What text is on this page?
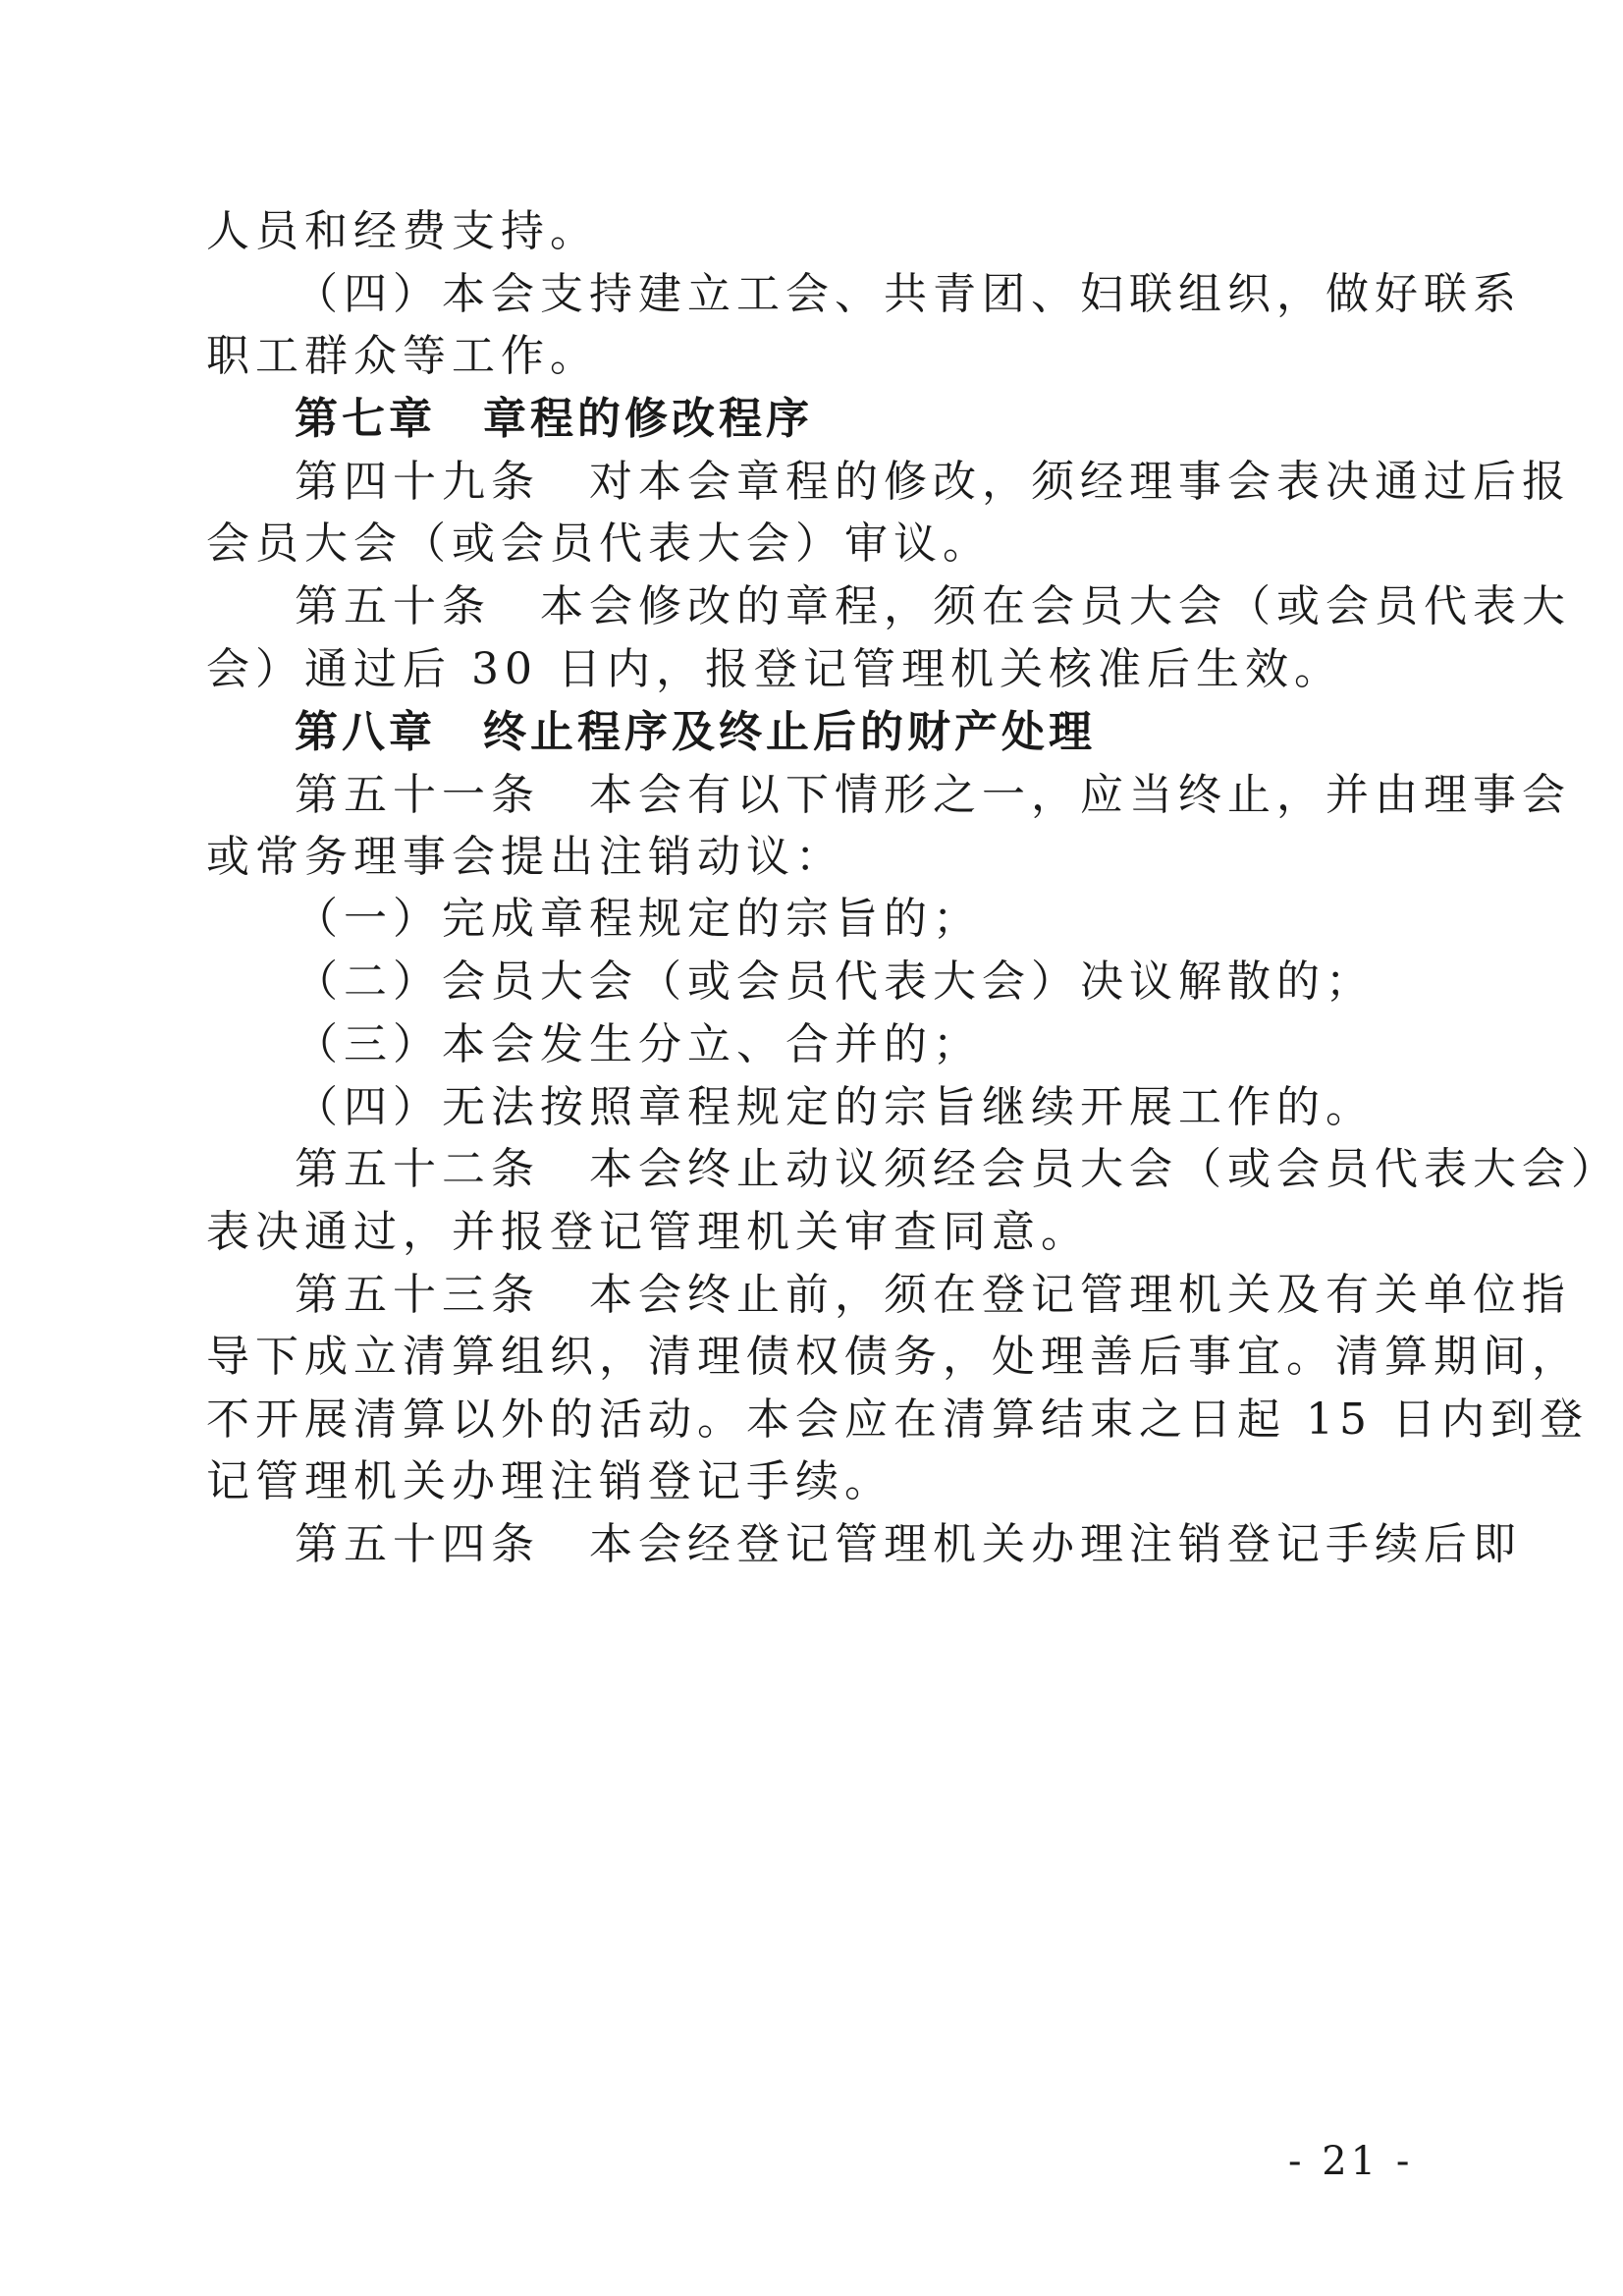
人员和经费支持。
（四）本会支持建立工会、共青团、妇联组织，做好联系
职工群众等工作。
第七章　章程的修改程序
第四十九条　对本会章程的修改，须经理事会表决通过后报
会员大会（或会员代表大会）审议。
第五十条　本会修改的章程，须在会员大会（或会员代表大
会）通过后 30 日内，报登记管理机关核准后生效。
第八章　终止程序及终止后的财产处理
第五十一条　本会有以下情形之一，应当终止，并由理事会
或常务理事会提出注销动议：
（一）完成章程规定的宗旨的；
（二）会员大会（或会员代表大会）决议解散的；
（三）本会发生分立、合并的；
（四）无法按照章程规定的宗旨继续开展工作的。
第五十二条　本会终止动议须经会员大会（或会员代表大会）
表决通过，并报登记管理机关审查同意。
第五十三条　本会终止前，须在登记管理机关及有关单位指
导下成立清算组织，清理债权债务，处理善后事宜。清算期间，
不开展清算以外的活动。本会应在清算结束之日起 15 日内到登
记管理机关办理注销登记手续。
第五十四条　本会经登记管理机关办理注销登记手续后即
- 21 -
